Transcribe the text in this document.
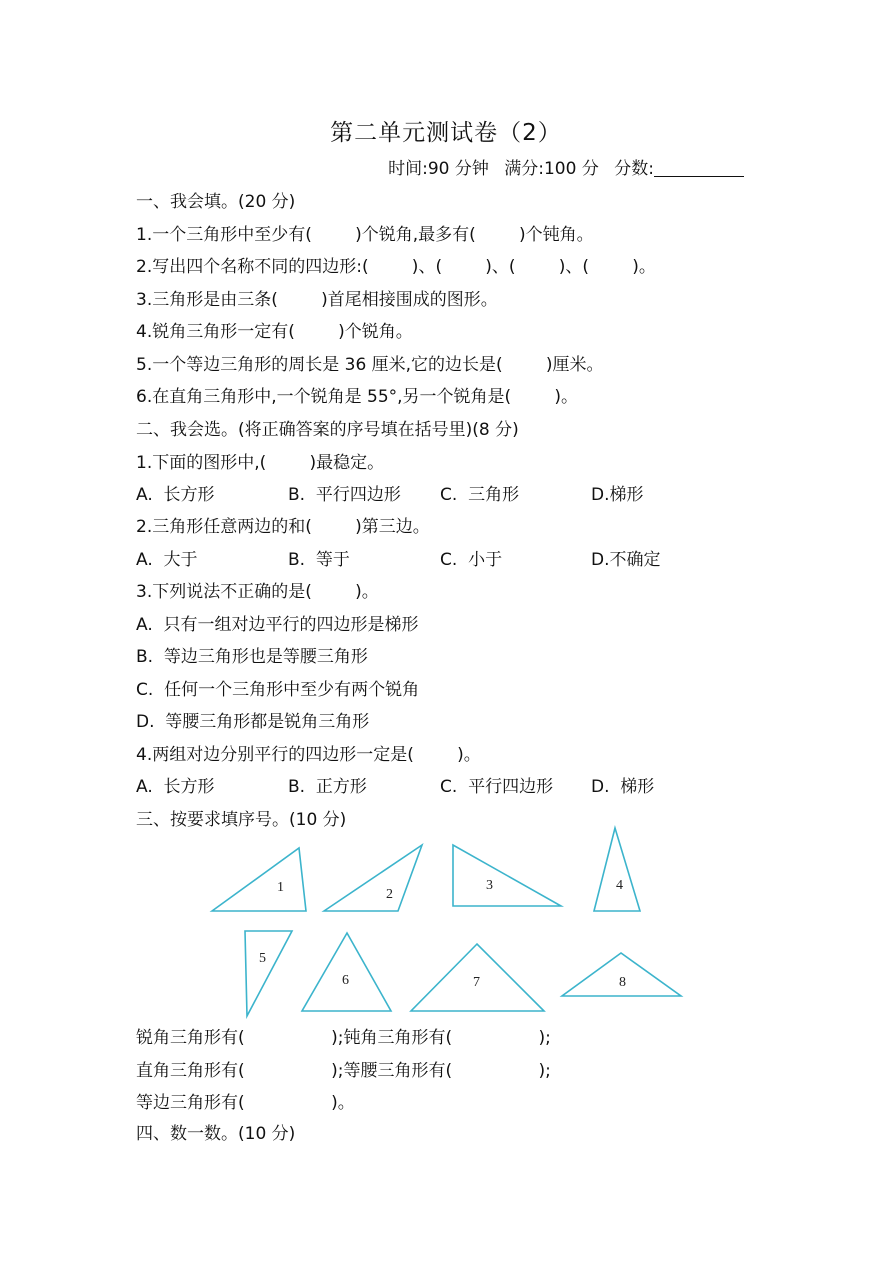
第二单元测试卷（2）
时间:90 分钟 满分:100 分 分数:
一、我会填。(20 分)
1.一个三角形中至少有(        )个锐角,最多有(        )个钝角。
2.写出四个名称不同的四边形:(        )、(        )、(        )、(        )。
3.三角形是由三条(        )首尾相接围成的图形。
4.锐角三角形一定有(        )个锐角。
5.一个等边三角形的周长是 36 厘米,它的边长是(        )厘米。
6.在直角三角形中,一个锐角是 55°,另一个锐角是(        )。
二、我会选。(将正确答案的序号填在括号里)(8 分)
1.下面的图形中,(        )最稳定。
A.  长方形	B.  平行四边形 C.  三角形	D.梯形
2.三角形任意两边的和(        )第三边。
A.  大于	B.  等于	C.  小于	D.不确定
3.下列说法不正确的是(        )。
A.  只有一组对边平行的四边形是梯形
B.  等边三角形也是等腰三角形
C.  任何一个三角形中至少有两个锐角
D.  等腰三角形都是锐角三角形
4.两组对边分别平行的四边形一定是(        )。
A.  长方形	B.  正方形	C.  平行四边形 D.  梯形
三、按要求填序号。(10 分)
1	2
3	4
5
6	7	8
锐角三角形有(                );钝角三角形有(                );
直角三角形有(                );等腰三角形有(                );
等边三角形有(                )。
四、数一数。(10 分)
